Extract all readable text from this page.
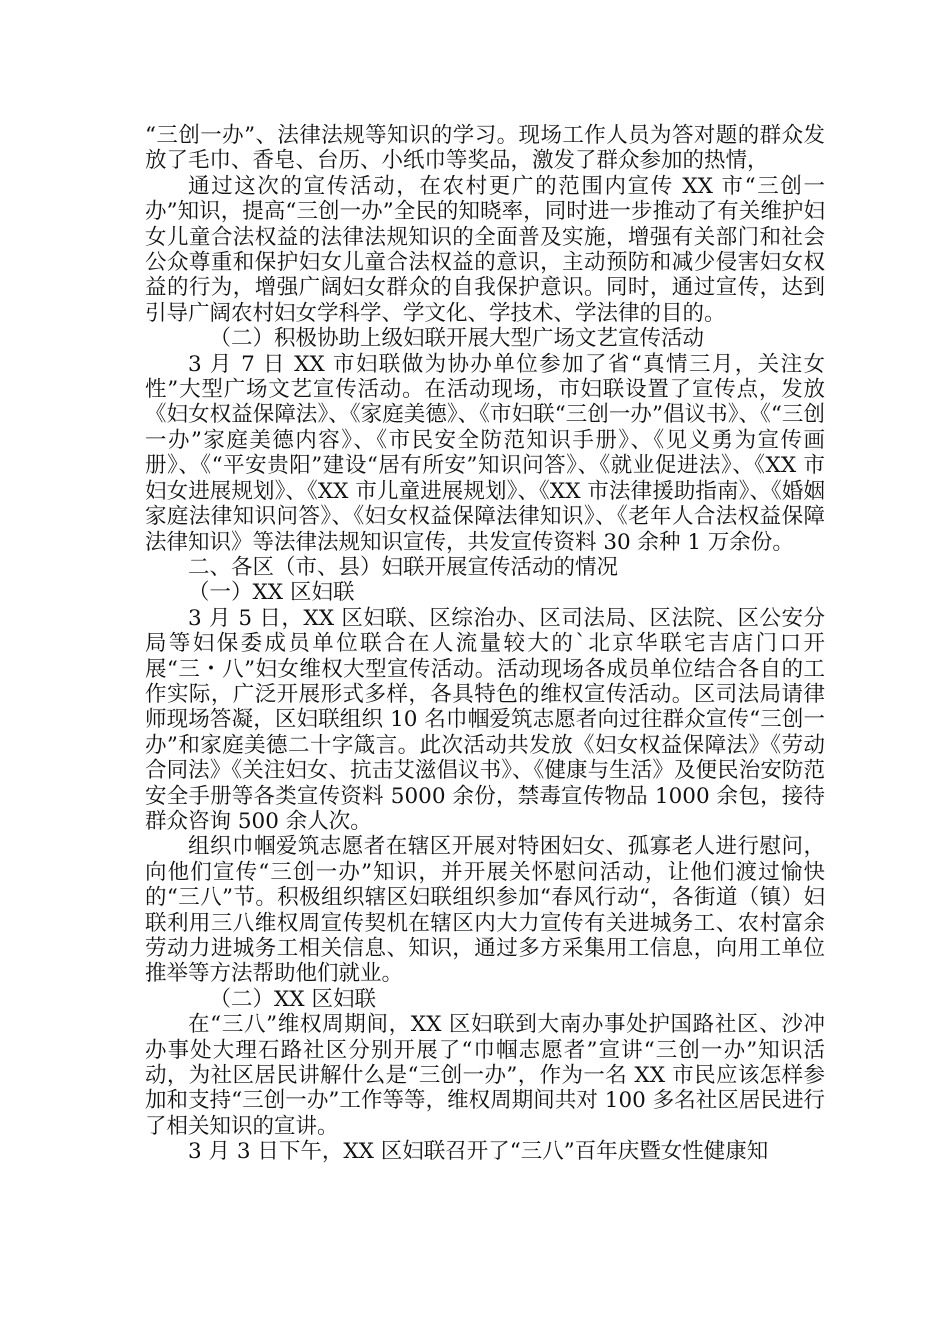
“三创一办”、法律法规等知识的学习。现场工作人员为答对题的群众发放了毛巾、香皂、台历、小纸巾等奖品，激发了群众参加的热情，

通过这次的宣传活动，在农村更广的范围内宣传 XX 市“三创一办”知识，提高“三创一办”全民的知晓率，同时进一步推动了有关维护妇女儿童合法权益的法律法规知识的全面普及实施，增强有关部门和社会公众尊重和保护妇女儿童合法权益的意识，主动预防和减少侵害妇女权益的行为，增强广阔妇女群众的自我保护意识。同时，通过宣传，达到引导广阔农村妇女学科学、学文化、学技术、学法律的目的。

（二）积极协助上级妇联开展大型广场文艺宣传活动

3 月 7 日 XX 市妇联做为协办单位参加了省“真情三月，关注女性”大型广场文艺宣传活动。在活动现场，市妇联设置了宣传点，发放《妇女权益保障法》、《家庭美德》、《市妇联“三创一办”倡议书》、《“三创一办”家庭美德内容》、《市民安全防范知识手册》、《见义勇为宣传画册》、《“平安贵阳”建设“居有所安”知识问答》、《就业促进法》、《XX 市妇女进展规划》、《XX 市儿童进展规划》、《XX 市法律援助指南》、《婚姻家庭法律知识问答》、《妇女权益保障法律知识》、《老年人合法权益保障法律知识》等法律法规知识宣传，共发宣传资料 30 余种 1 万余份。

二、各区（市、县）妇联开展宣传活动的情况

（一）XX 区妇联

3 月 5 日，XX 区妇联、区综治办、区司法局、区法院、区公安分局等妇保委成员单位联合在人流量较大的`北京华联宅吉店门口开展“三・八”妇女维权大型宣传活动。活动现场各成员单位结合各自的工作实际，广泛开展形式多样，各具特色的维权宣传活动。区司法局请律师现场答凝，区妇联组织 10 名巾帼爱筑志愿者向过往群众宣传“三创一办”和家庭美德二十字箴言。此次活动共发放《妇女权益保障法》《劳动合同法》《关注妇女、抗击艾滋倡议书》、《健康与生活》及便民治安防范安全手册等各类宣传资料 5000 余份，禁毒宣传物品 1000 余包，接待群众咨询 500 余人次。

组织巾帼爱筑志愿者在辖区开展对特困妇女、孤寡老人进行慰问，向他们宣传“三创一办”知识，并开展关怀慰问活动，让他们渡过愉快的“三八”节。积极组织辖区妇联组织参加“春风行动“，各街道（镇）妇联利用三八维权周宣传契机在辖区内大力宣传有关进城务工、农村富余劳动力进城务工相关信息、知识，通过多方采集用工信息，向用工单位推举等方法帮助他们就业。

（二）XX 区妇联

在“三八”维权周期间，XX 区妇联到大南办事处护国路社区、沙冲办事处大理石路社区分别开展了“巾帼志愿者”宣讲“三创一办”知识活动，为社区居民讲解什么是“三创一办”，作为一名 XX 市民应该怎样参加和支持“三创一办”工作等等，维权周期间共对 100 多名社区居民进行了相关知识的宣讲。

3 月 3 日下午，XX 区妇联召开了“三八”百年庆暨女性健康知
